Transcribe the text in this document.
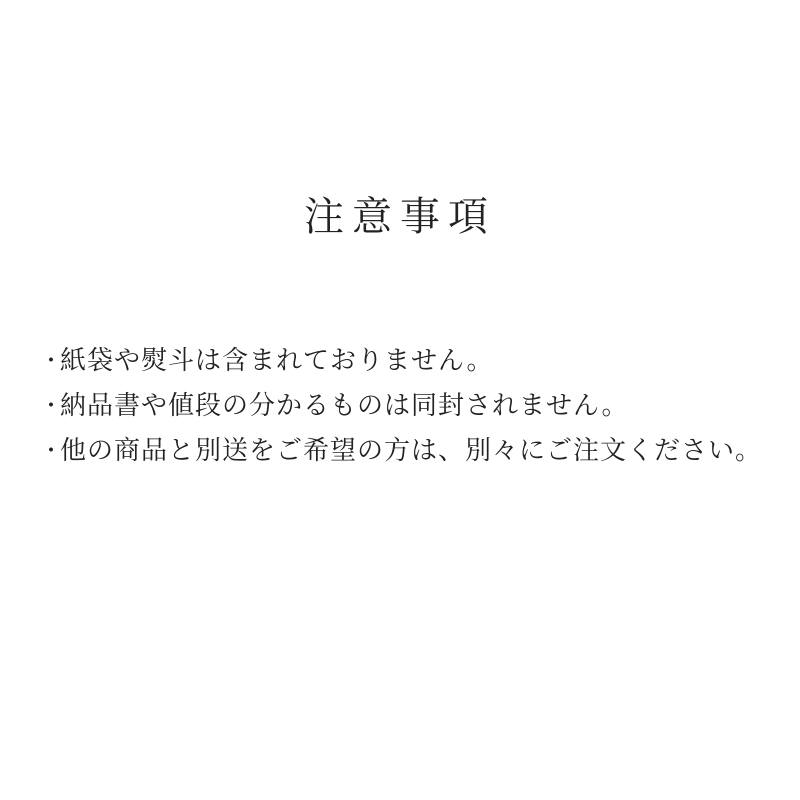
注意事項
・
紙袋や熨斗は含まれておりません。
・
納品書や値段の分かるものは同封されません。
・
他の商品と別送をご希望の方は、別々にご注文ください。
